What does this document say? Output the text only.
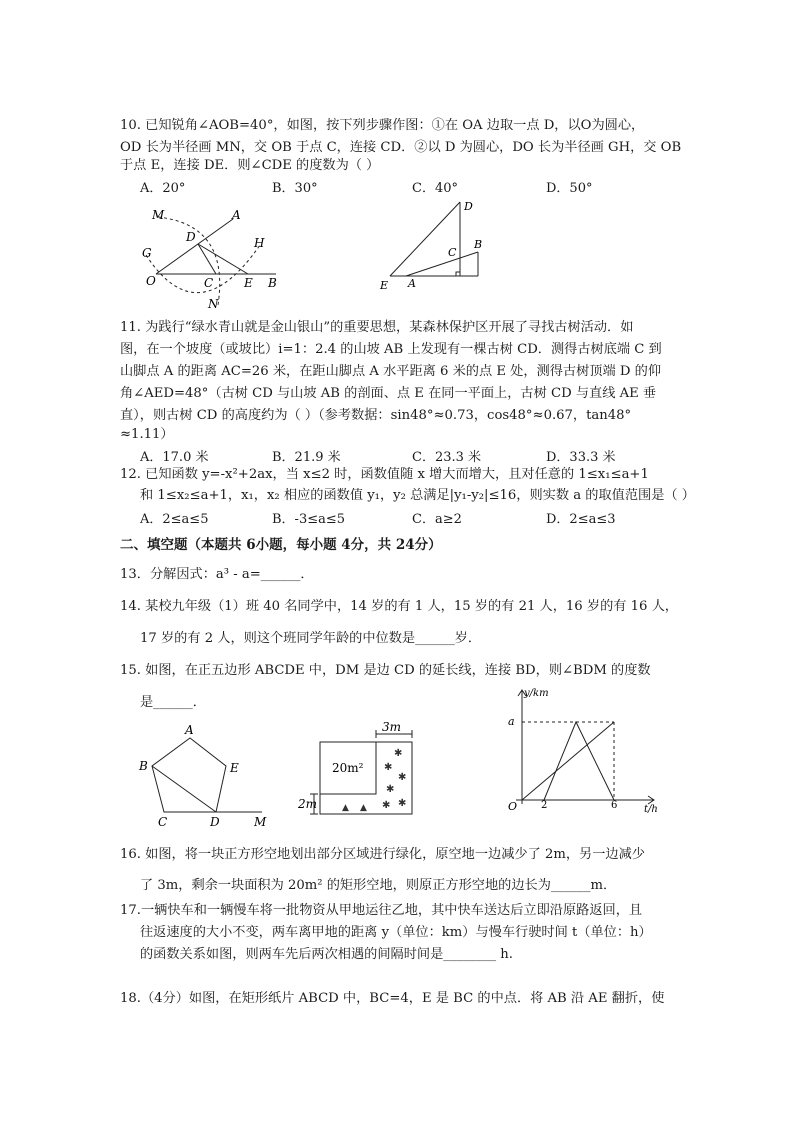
10. 已知锐角∠AOB=40°，如图，按下列步骤作图：①在 OA 边取一点 D，以O为圆心，
OD 长为半径画 MN，交 OB 于点 C，连接 CD．②以 D 为圆心，DO 长为半径画 GH，交 OB
于点 E，连接 DE．则∠CDE 的度数为（ ）
A．20°	B．30°	C．40°	D．50°
M	A
D	H
G
O	C	E B
N
D
C
B
E A
11. 为践行“绿水青山就是金山银山”的重要思想，某森林保护区开展了寻找古树活动．如
图，在一个坡度（或坡比）i=1：2.4 的山坡 AB 上发现有一棵古树 CD．测得古树底端 C 到
山脚点 A 的距离 AC=26 米，在距山脚点 A 水平距离 6 米的点 E 处，测得古树顶端 D 的仰
角∠AED=48°（古树 CD 与山坡 AB 的剖面、点 E 在同一平面上，古树 CD 与直线 AE 垂
直），则古树 CD 的高度约为（ ）（参考数据：sin48°≈0.73，cos48°≈0.67，tan48°
≈1.11）
A．17.0 米	B．21.9 米	C．23.3 米	D．33.3 米
12. 已知函数 y=-x²+2ax，当 x≤2 时，函数值随 x 增大而增大，且对任意的 1≤x₁≤a+1
和 1≤x₂≤a+1，x₁，x₂ 相应的函数值 y₁，y₂ 总满足|y₁-y₂|≤16，则实数 a 的取值范围是（ ）
A．2≤a≤5	B．-3≤a≤5	C．a≥2	D．2≤a≤3
二、填空题（本题共 6小题，每小题 4分，共 24分）
13．分解因式：a³ - a=______．
14. 某校九年级（1）班 40 名同学中，14 岁的有 1 人，15 岁的有 21 人，16 岁的有 16 人，
17 岁的有 2 人，则这个班同学年龄的中位数是______岁．
15. 如图，在正五边形 ABCDE 中，DM 是边 CD 的延长线，连接 BD，则∠BDM 的度数
是______．
A
B	E
C	D	M
✱
✱
✱
✱
✱
✱
▲ ▲
3m
20m²
2m
y/km
a
O 2	6	t/h
16. 如图，将一块正方形空地划出部分区域进行绿化，原空地一边减少了 2m，另一边减少
了 3m，剩余一块面积为 20m² 的矩形空地，则原正方形空地的边长为______m．
17.一辆快车和一辆慢车将一批物资从甲地运往乙地，其中快车送达后立即沿原路返回，且
往返速度的大小不变，两车离甲地的距离 y（单位：km）与慢车行驶时间 t（单位：h）
的函数关系如图，则两车先后两次相遇的间隔时间是________ h.
18.（4分）如图，在矩形纸片 ABCD 中，BC=4，E 是 BC 的中点．将 AB 沿 AE 翻折，使
